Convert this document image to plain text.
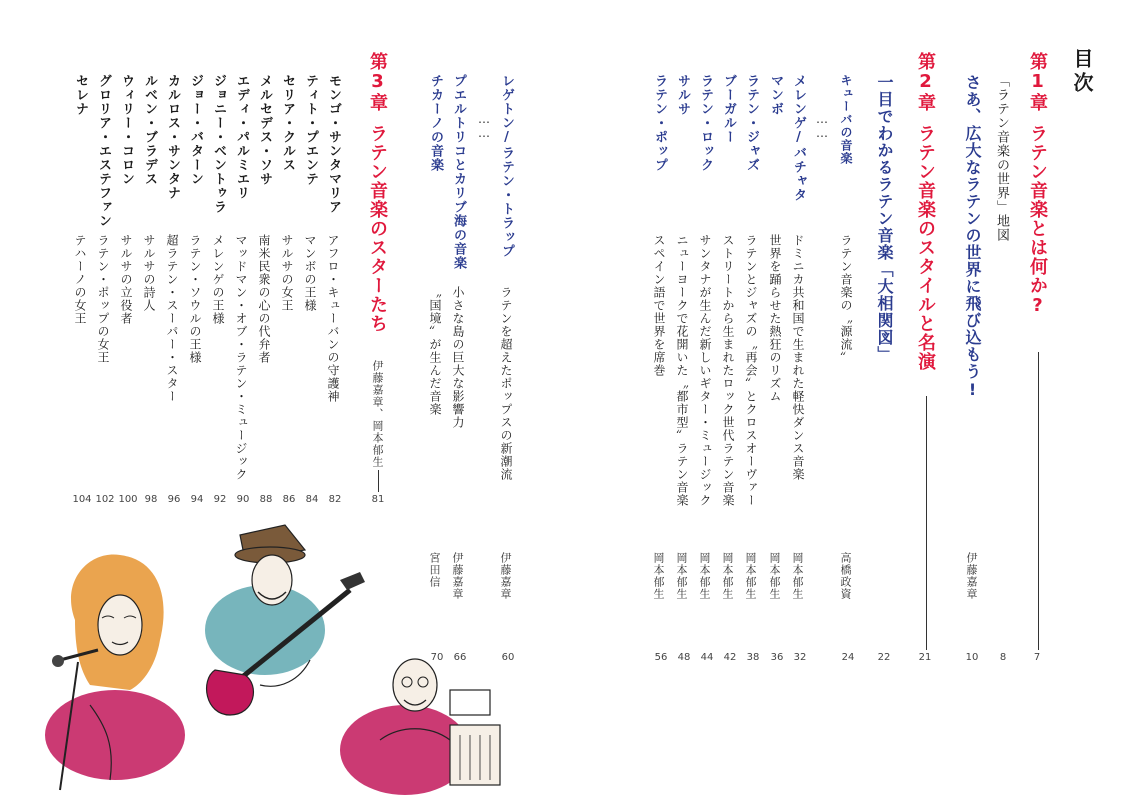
目次
第1章ラテン音楽とは何か?
7
「ラテン音楽の世界」地図
8
さあ、広大なラテンの世界に飛び込もう!
伊藤嘉章
10
第2章ラテン音楽のスタイルと名演
21
一目でわかるラテン音楽「大相関図」
22
キューバの音楽
ラテン音楽の〝源流〟
高橋政資
24
……
メレンゲ/バチャタ
ドミニカ共和国で生まれた軽快ダンス音楽
岡本郁生
32
マンボ
世界を踊らせた熱狂のリズム
岡本郁生
36
ラテン・ジャズ
ラテンとジャズの〝再会〟とクロスオーヴァー
岡本郁生
38
ブーガルー
ストリートから生まれたロック世代ラテン音楽
岡本郁生
42
ラテン・ロック
サンタナが生んだ新しいギター・ミュージック
岡本郁生
44
サルサ
ニューヨークで花開いた〝都市型〟ラテン音楽
岡本郁生
48
ラテン・ポップ
スペイン語で世界を席巻
岡本郁生
56
レゲトン/ラテン・トラップ
ラテンを超えたポップスの新潮流
伊藤嘉章
60
……
プエルトリコとカリブ海の音楽
小さな島の巨大な影響力
伊藤嘉章
66
チカーノの音楽
〝国境〟が生んだ音楽
宮田信
70
第3章ラテン音楽のスターたち
伊藤嘉章、岡本郁生
81
モンゴ・サンタマリア
アフロ・キューバンの守護神
82
ティト・プエンテ
マンボの王様
84
セリア・クルス
サルサの女王
86
メルセデス・ソサ
南米民衆の心の代弁者
88
エディ・パルミエリ
マッドマン・オブ・ラテン・ミュージック
90
ジョニー・ベントゥラ
メレンゲの王様
92
ジョー・バターン
ラテン・ソウルの王様
94
カルロス・サンタナ
超ラテン・スーパー・スター
96
ルベン・ブラデス
サルサの詩人
98
ウィリー・コロン
サルサの立役者
100
グロリア・エステファン
ラテン・ポップの女王
102
セレナ
テハーノの女王
104
